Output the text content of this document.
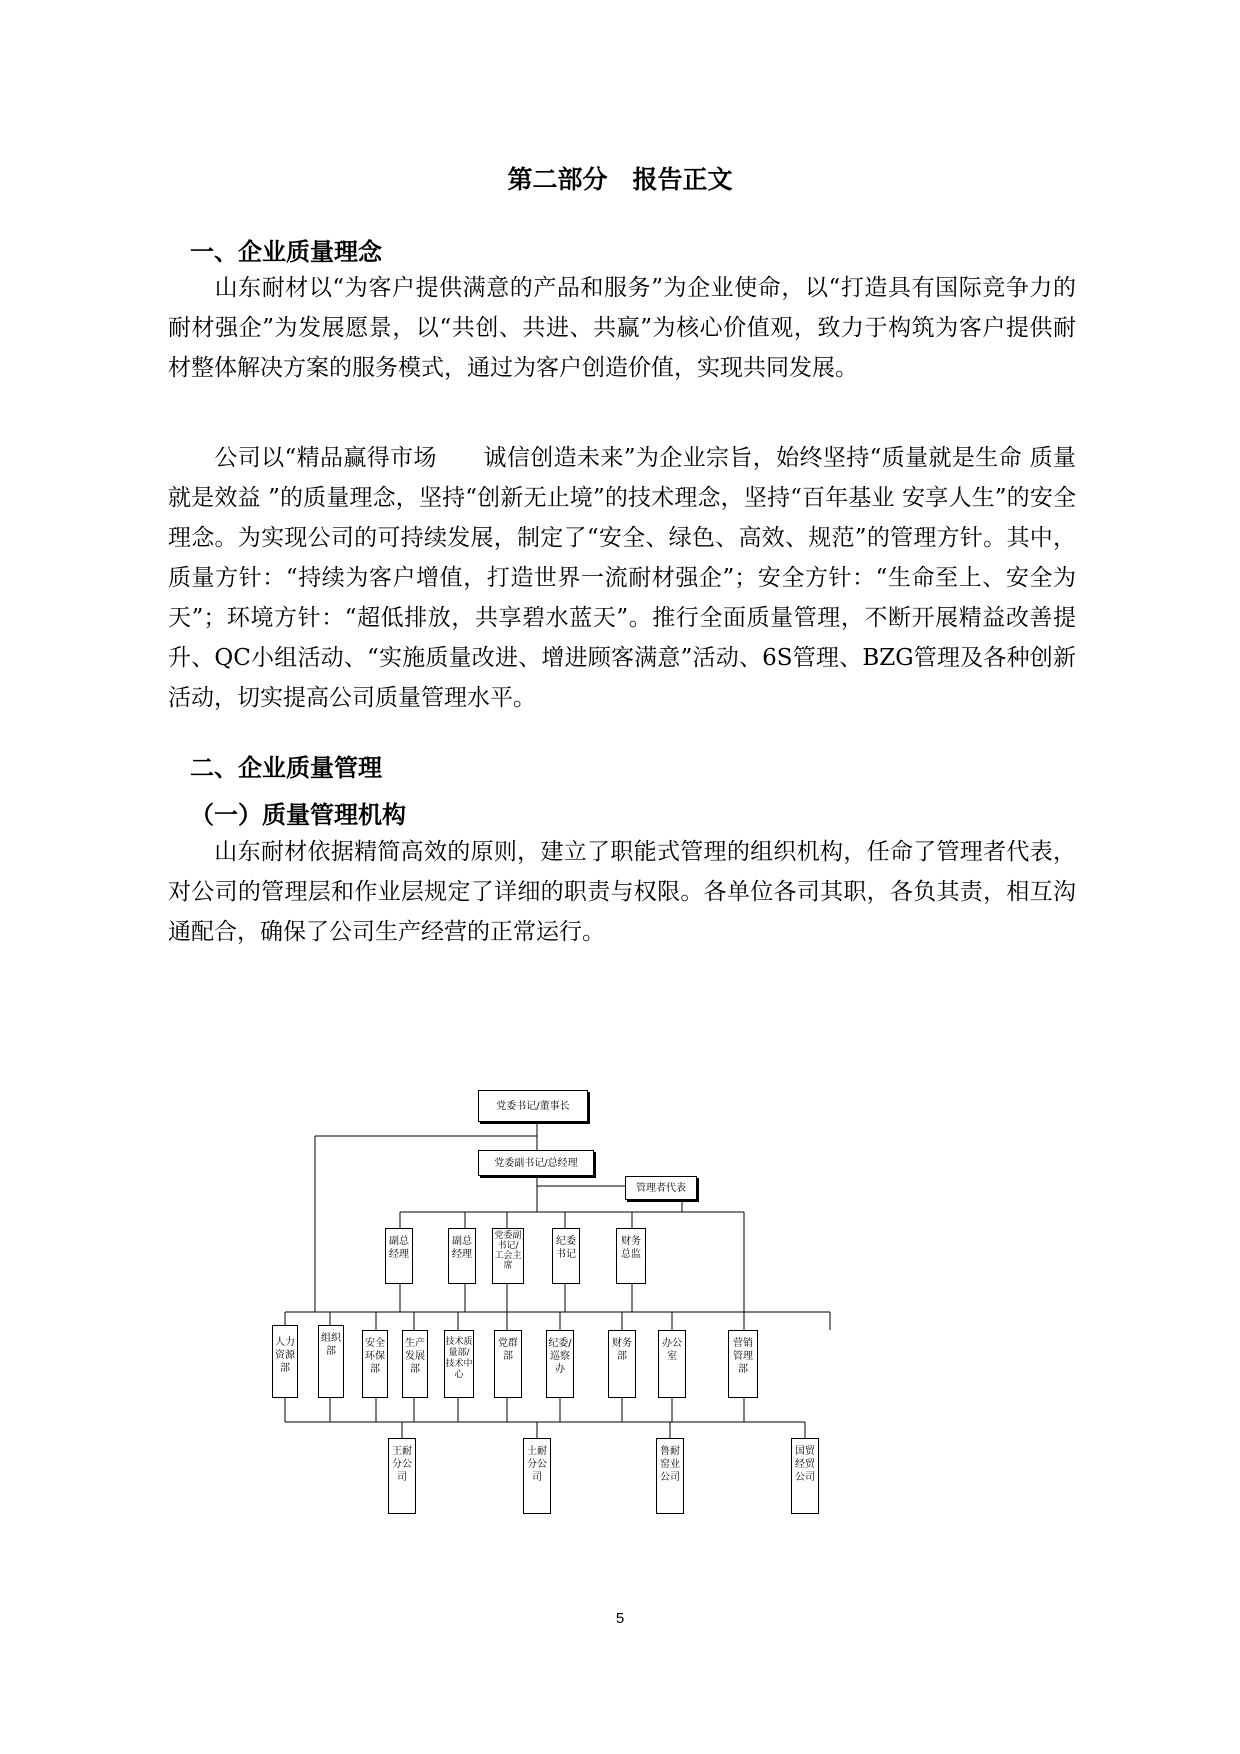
第二部分　报告正文
一、企业质量理念

山东耐材以“为客户提供满意的产品和服务”为企业使命，以“打造具有国际竞争力的耐材强企”为发展愿景，以“共创、共进、共赢”为核心价值观，致力于构筑为客户提供耐材整体解决方案的服务模式，通过为客户创造价值，实现共同发展。

公司以“精品赢得市场　　诚信创造未来”为企业宗旨，始终坚持“质量就是生命 质量就是效益 ”的质量理念，坚持“创新无止境”的技术理念，坚持“百年基业 安享人生”的安全理念。为实现公司的可持续发展，制定了“安全、绿色、高效、规范”的管理方针。其中，质量方针：“持续为客户增值，打造世界一流耐材强企”；安全方针：“生命至上、安全为天”；环境方针：“超低排放，共享碧水蓝天”。推行全面质量管理，不断开展精益改善提升、QC小组活动、“实施质量改进、增进顾客满意”活动、6S管理、BZG管理及各种创新活动，切实提高公司质量管理水平。

二、企业质量管理
（一）质量管理机构

山东耐材依据精简高效的原则，建立了职能式管理的组织机构，任命了管理者代表，对公司的管理层和作业层规定了详细的职责与权限。各单位各司其职，各负其责，相互沟通配合，确保了公司生产经营的正常运行。

党委书记/董事长
党委副书记/总经理
管理者代表
副总经理
副总经理
党委副书记/工会主席
纪委书记
财务总监
人力资源部
组织部
安全环保部
生产发展部
技术质量部/技术中心
党群部
纪委/巡察办
财务部
办公室
营销管理部
王耐分公司
土耐分公司
鲁耐窑业公司
国贸经贸公司
5
